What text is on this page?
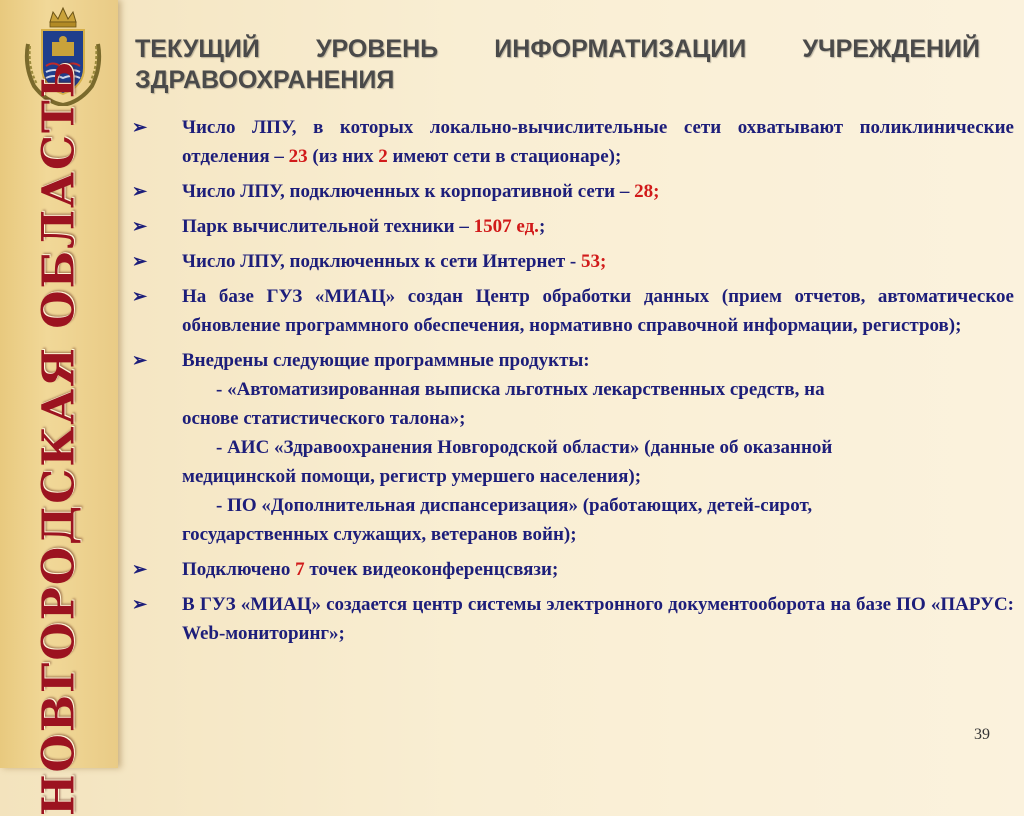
НОВГОРОДСКАЯ ОБЛАСТЬ
ТЕКУЩИЙ УРОВЕНЬ ИНФОРМАТИЗАЦИИ УЧРЕЖДЕНИЙ ЗДРАВООХРАНЕНИЯ
➢ Число ЛПУ, в которых локально-вычислительные сети охватывают поликлинические отделения – 23 (из них 2 имеют сети в стационаре);
➢ Число ЛПУ, подключенных к корпоративной сети – 28;
➢ Парк вычислительной техники – 1507 ед.;
➢ Число ЛПУ, подключенных к сети Интернет - 53;
➢ На базе ГУЗ «МИАЦ» создан Центр обработки данных (прием отчетов, автоматическое обновление программного обеспечения, нормативно справочной информации, регистров);
➢ Внедрены следующие программные продукты:
- «Автоматизированная выписка льготных лекарственных средств, на
основе статистического талона»;
- АИС «Здравоохранения Новгородской области» (данные об оказанной
медицинской помощи, регистр умершего населения);
- ПО «Дополнительная диспансеризация» (работающих, детей-сирот,
государственных служащих, ветеранов войн);
➢ Подключено 7 точек видеоконференцсвязи;
➢ В ГУЗ «МИАЦ» создается центр системы электронного документооборота на базе ПО «ПАРУС: Web-мониторинг»;
39
